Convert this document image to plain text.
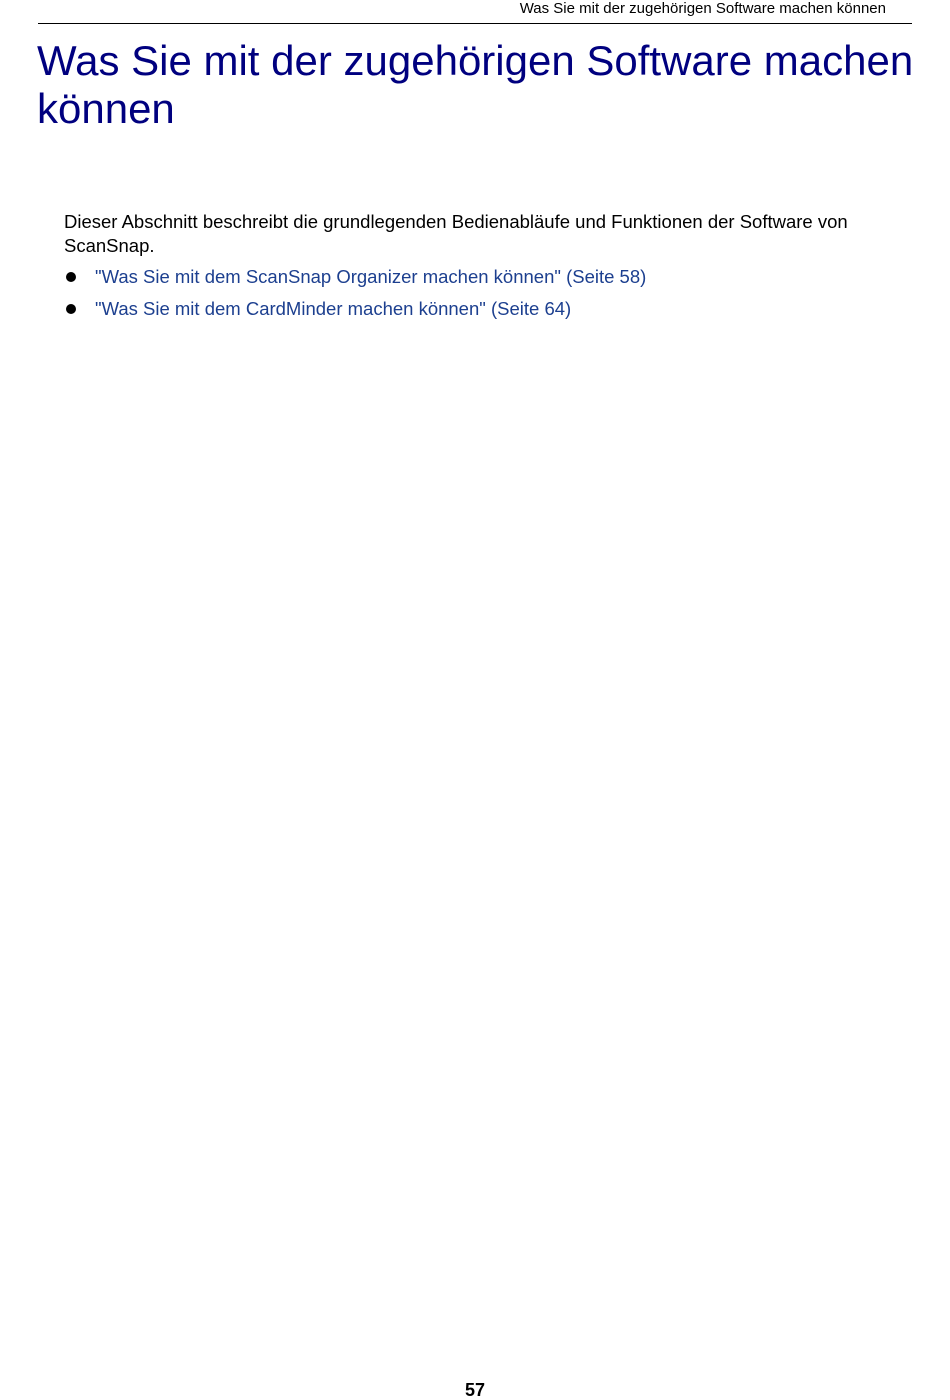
Was Sie mit der zugehörigen Software machen können
Was Sie mit der zugehörigen Software machen können

Dieser Abschnitt beschreibt die grundlegenden Bedienabläufe und Funktionen der Software von ScanSnap.

"Was Sie mit dem ScanSnap Organizer machen können" (Seite 58)
"Was Sie mit dem CardMinder machen können" (Seite 64)
57
